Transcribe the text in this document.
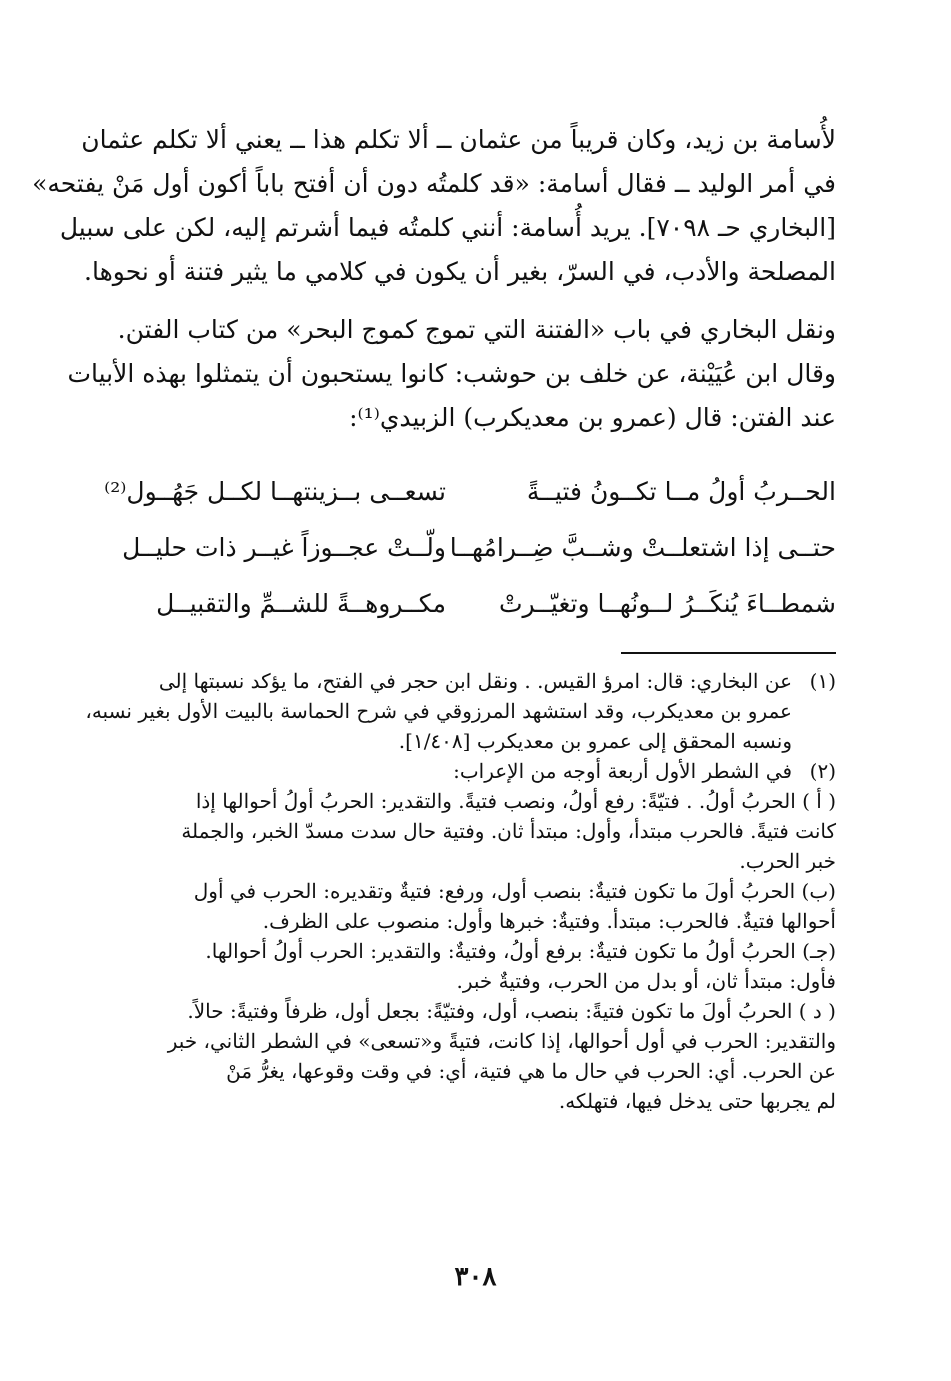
لأُسامة بن زيد، وكان قريباً من عثمان ــ ألا تكلم هذا ــ يعني ألا تكلم عثمان
في أمر الوليد ــ فقال أسامة: «قد كلمتُه دون أن أفتح باباً أكون أول مَنْ يفتحه»
[البخاري حـ ٧٠٩٨]. يريد أُسامة: أنني كلمتُه فيما أشرتم إليه، لكن على سبيل
المصلحة والأدب، في السرّ، بغير أن يكون في كلامي ما يثير فتنة أو نحوها.

ونقل البخاري في باب «الفتنة التي تموج كموج البحر» من كتاب الفتن.
وقال ابن عُيَيْنة، عن خلف بن حوشب: كانوا يستحبون أن يتمثلوا بهذه الأبيات
عند الفتن: قال (عمرو بن معديكرب) الزبيدي⁽¹⁾:

الحــربُ أولُ مــا تكــونُ فتيــةً
تسعــى بــزينتهــا لكــل جَهُــول⁽²⁾
حتــى إذا اشتعلــتْ وشــبَّ ضِــرامُهــا
ولّــتْ عجــوزاً غيــر ذات حليــل
شمطــاءَ يُنكَــرُ لــونُهــا وتغيّــرتْ
مكــروهــةً للشــمِّ والتقبيــل
(١)
عن البخاري: قال: امرؤ القيس. . ونقل ابن حجر في الفتح، ما يؤكد نسبتها إلى
عمرو بن معديكرب، وقد استشهد المرزوقي في شرح الحماسة بالبيت الأول بغير نسبه،
ونسبه المحقق إلى عمرو بن معديكرب [١/٤٠٨].
(٢)
في الشطر الأول أربعة أوجه من الإعراب:
( أ ) الحربُ أولُ. . فتيّةً: رفع أولُ، ونصب فتيةً. والتقدير: الحربُ أولُ أحوالها إذا
كانت فتيةً. فالحرب مبتدأ، وأول: مبتدأ ثان. وفتية حال سدت مسدّ الخبر، والجملة
خبر الحرب.
(ب) الحربُ أولَ ما تكون فتيةٌ: بنصب أول، ورفع: فتيةٌ وتقديره: الحرب في أول
أحوالها فتيةٌ. فالحرب: مبتدأ. وفتيةٌ: خبرها وأول: منصوب على الظرف.
(جـ) الحربُ أولُ ما تكون فتيةٌ: برفع أولُ، وفتيةٌ: والتقدير: الحرب أولُ أحوالها.
فأول: مبتدأ ثان، أو بدل من الحرب، وفتيةٌ خبر.
( د ) الحربُ أولَ ما تكون فتيةً: بنصب، أول، وفتيّةً: بجعل أول، ظرفاً وفتيةً: حالاً.
والتقدير: الحرب في أول أحوالها، إذا كانت، فتيةً و«تسعى» في الشطر الثاني، خبر
عن الحرب. أي: الحرب في حال ما هي فتية، أي: في وقت وقوعها، يغرُّ مَنْ
لم يجربها حتى يدخل فيها، فتهلكه.
٣٠٨
